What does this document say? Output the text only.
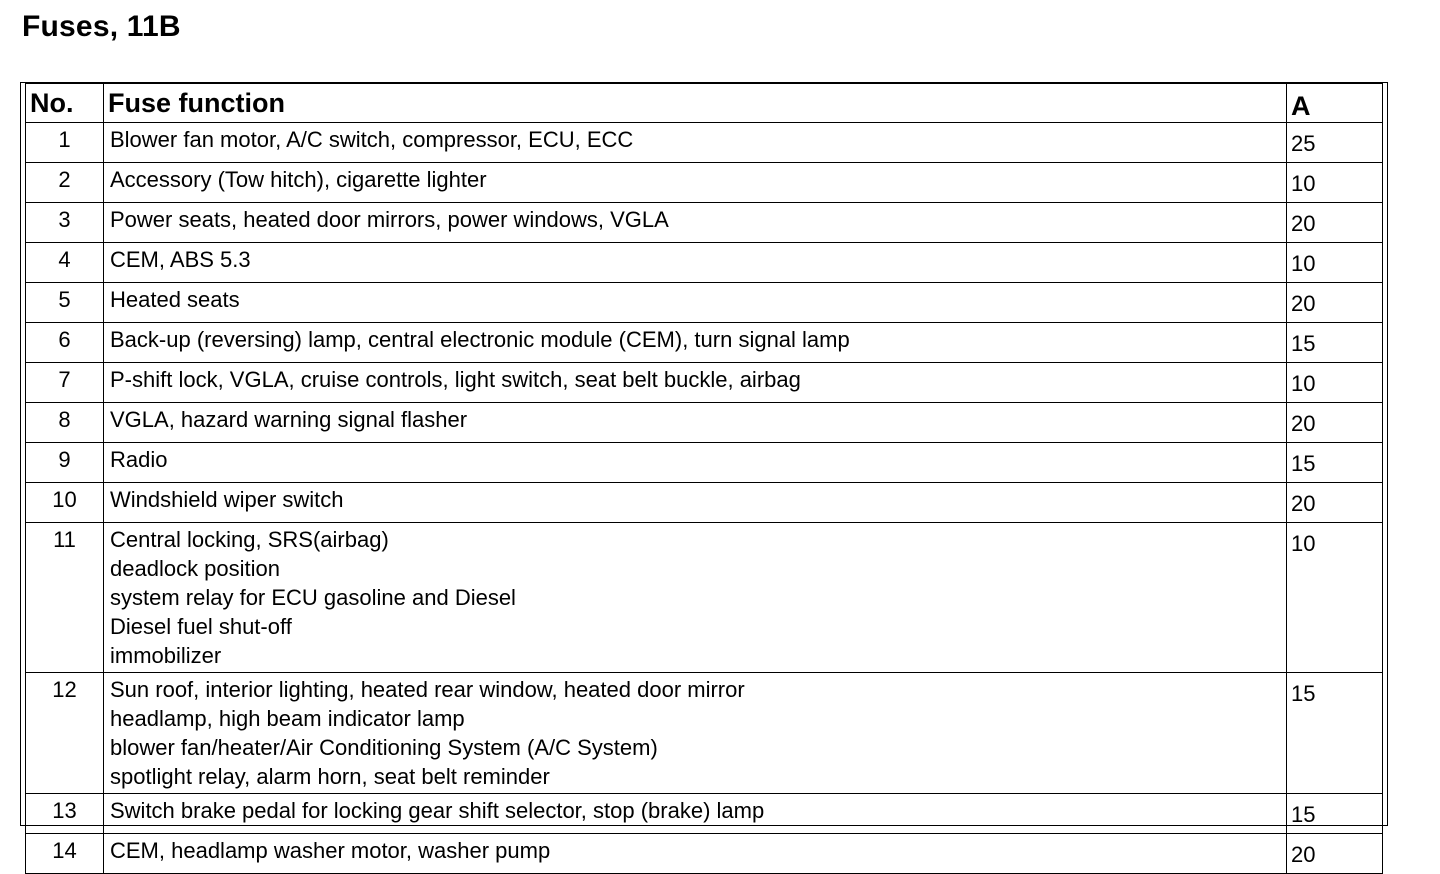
Fuses, 11B
No.	Fuse function	A
1	Blower fan motor, A/C switch, compressor, ECU, ECC	25
2	Accessory (Tow hitch), cigarette lighter	10
3	Power seats, heated door mirrors, power windows, VGLA	20
4	CEM, ABS 5.3	10
5	Heated seats	20
6	Back-up (reversing) lamp, central electronic module (CEM), turn signal lamp	15
7	P-shift lock, VGLA, cruise controls, light switch, seat belt buckle, airbag	10
8	VGLA, hazard warning signal flasher	20
9	Radio	15
10	Windshield wiper switch	20
11	Central locking, SRS(airbag)
deadlock position
system relay for ECU gasoline and Diesel
Diesel fuel shut-off
immobilizer	10
12	Sun roof, interior lighting, heated rear window, heated door mirror
headlamp, high beam indicator lamp
blower fan/heater/Air Conditioning System (A/C System)
spotlight relay, alarm horn, seat belt reminder	15
13	Switch brake pedal for locking gear shift selector, stop (brake) lamp	15
14	CEM, headlamp washer motor, washer pump	20
